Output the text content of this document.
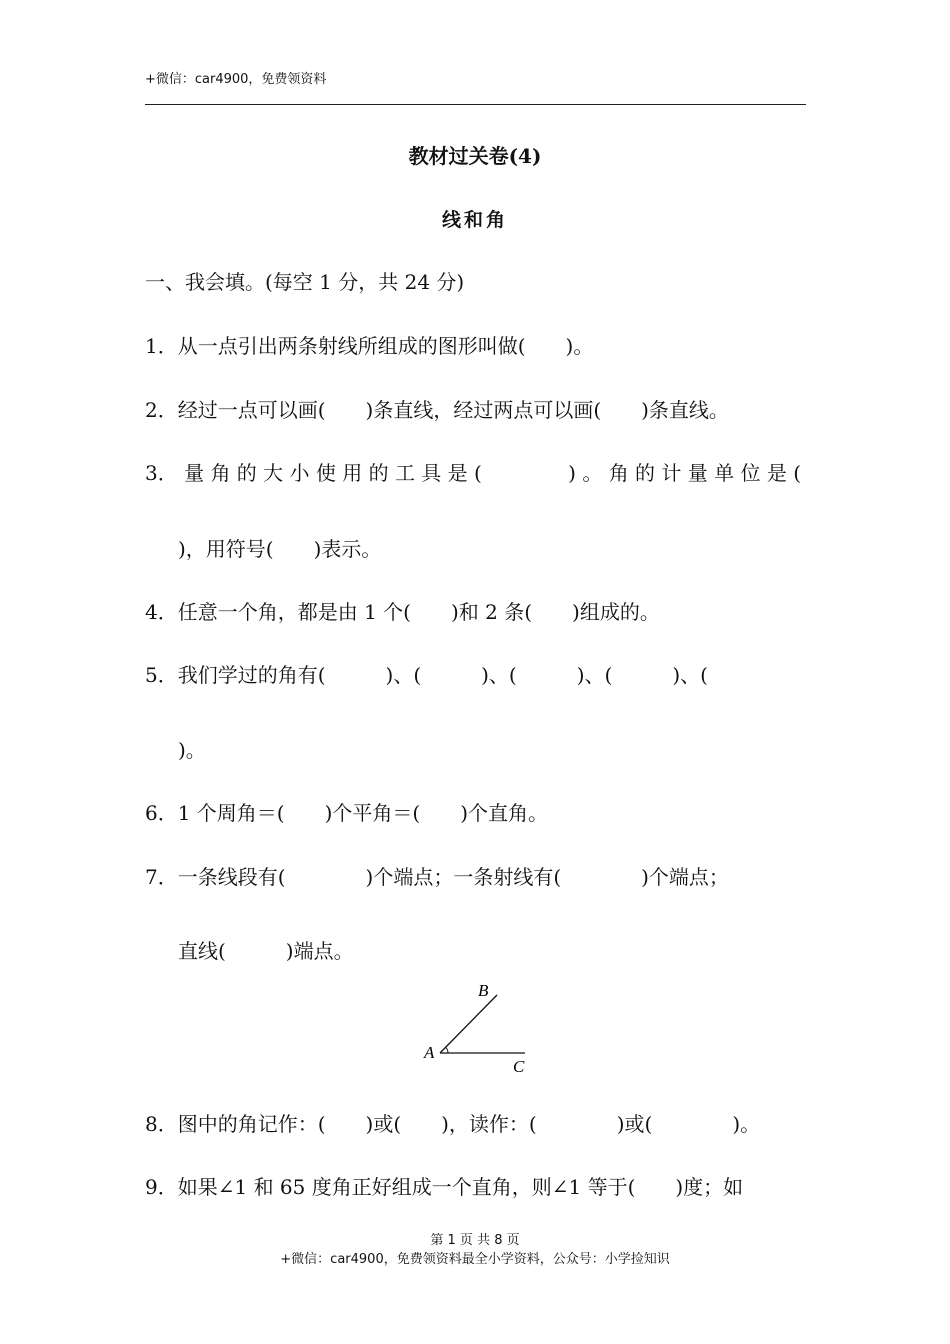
+微信：car4900，免费领资料
教材过关卷(4)
线和角
一、我会填。(每空 1 分，共 24 分)
1．从一点引出两条射线所组成的图形叫做(　　)。
2．经过一点可以画(　　)条直线，经过两点可以画(　　)条直线。
3． 量 角 的 大 小 使 用 的 工 具 是 (　　　　 ) 。 角 的 计 量 单 位 是 (
)，用符号(　　)表示。
4．任意一个角，都是由 1 个(　　)和 2 条(　　)组成的。
5．我们学过的角有(　　　)、(　　　)、(　　　)、(　　　)、(
)。
6．1 个周角＝(　　)个平角＝(　　)个直角。
7．一条线段有(　　　　)个端点；一条射线有(　　　　)个端点；
直线(　　　)端点。
B
A
C
8．图中的角记作：(　　)或(　　)，读作：(　　　　)或(　　　　)。
9．如果∠1 和 65 度角正好组成一个直角，则∠1 等于(　　)度；如
第 1 页 共 8 页
+微信：car4900，免费领资料最全小学资料，公众号：小学捡知识
